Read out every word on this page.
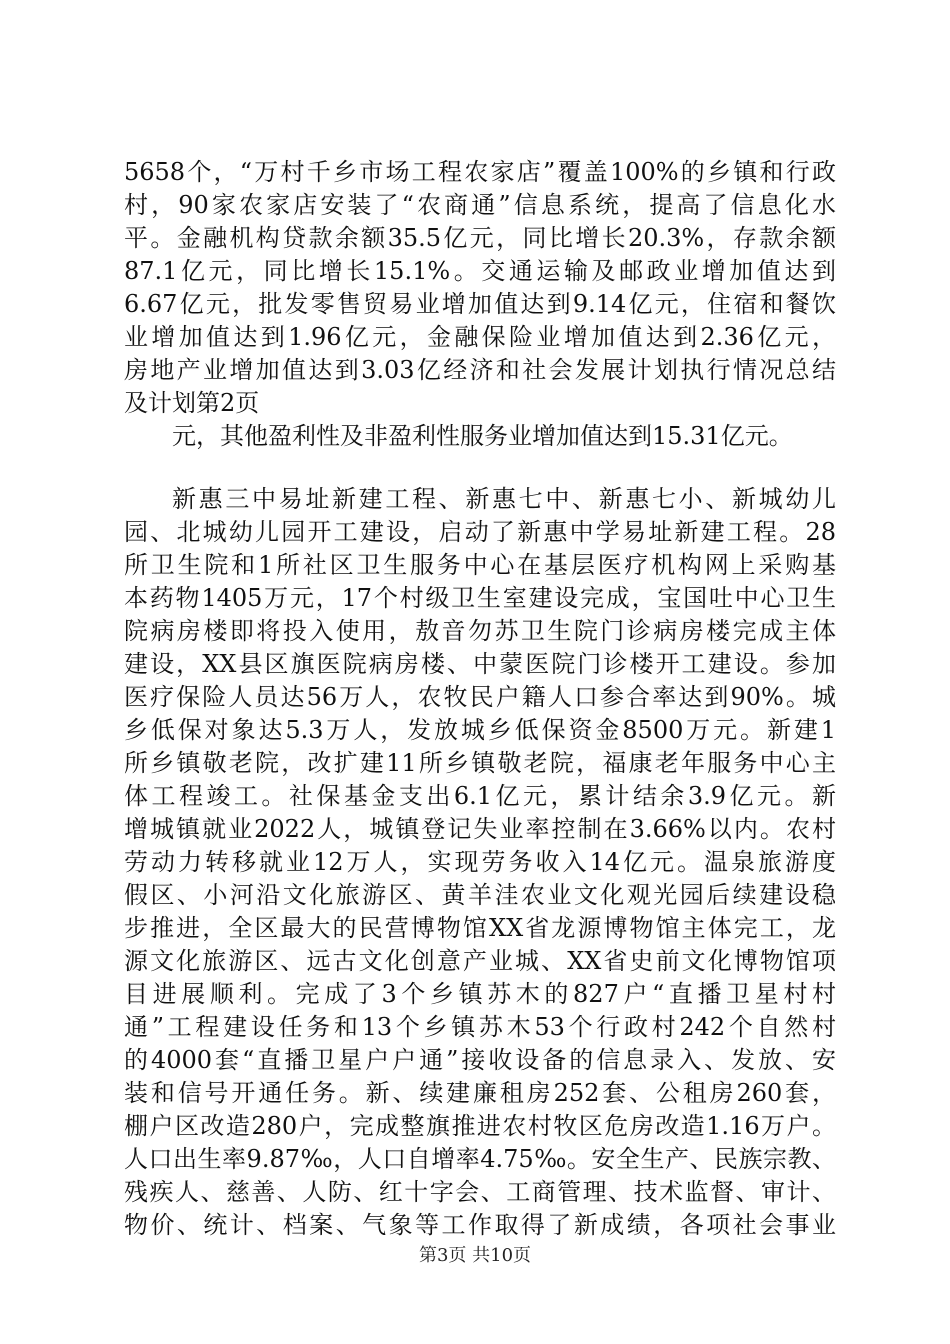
5658个，“万村千乡市场工程农家店”覆盖100%的乡镇和行政
村，90家农家店安装了“农商通”信息系统，提高了信息化水
平。金融机构贷款余额35.5亿元，同比增长20.3%，存款余额
87.1亿元，同比增长15.1%。交通运输及邮政业增加值达到
6.67亿元，批发零售贸易业增加值达到9.14亿元，住宿和餐饮
业增加值达到1.96亿元，金融保险业增加值达到2.36亿元，
房地产业增加值达到3.03亿经济和社会发展计划执行情况总结
及计划第2页
元，其他盈利性及非盈利性服务业增加值达到15.31亿元。
新惠三中易址新建工程、新惠七中、新惠七小、新城幼儿
园、北城幼儿园开工建设，启动了新惠中学易址新建工程。28
所卫生院和1所社区卫生服务中心在基层医疗机构网上采购基
本药物1405万元，17个村级卫生室建设完成，宝国吐中心卫生
院病房楼即将投入使用，敖音勿苏卫生院门诊病房楼完成主体
建设，XX县区旗医院病房楼、中蒙医院门诊楼开工建设。参加
医疗保险人员达56万人，农牧民户籍人口参合率达到90%。城
乡低保对象达5.3万人，发放城乡低保资金8500万元。新建1
所乡镇敬老院，改扩建11所乡镇敬老院，福康老年服务中心主
体工程竣工。社保基金支出6.1亿元，累计结余3.9亿元。新
增城镇就业2022人，城镇登记失业率控制在3.66%以内。农村
劳动力转移就业12万人，实现劳务收入14亿元。温泉旅游度
假区、小河沿文化旅游区、黄羊洼农业文化观光园后续建设稳
步推进，全区最大的民营博物馆XX省龙源博物馆主体完工，龙
源文化旅游区、远古文化创意产业城、XX省史前文化博物馆项
目进展顺利。完成了3个乡镇苏木的827户“直播卫星村村
通”工程建设任务和13个乡镇苏木53个行政村242个自然村
的4000套“直播卫星户户通”接收设备的信息录入、发放、安
装和信号开通任务。新、续建廉租房252套、公租房260套，
棚户区改造280户，完成整旗推进农村牧区危房改造1.16万户。
人口出生率9.87‰，人口自增率4.75‰。安全生产、民族宗教、
残疾人、慈善、人防、红十字会、工商管理、技术监督、审计、
物价、统计、档案、气象等工作取得了新成绩，各项社会事业
第3页 共10页
